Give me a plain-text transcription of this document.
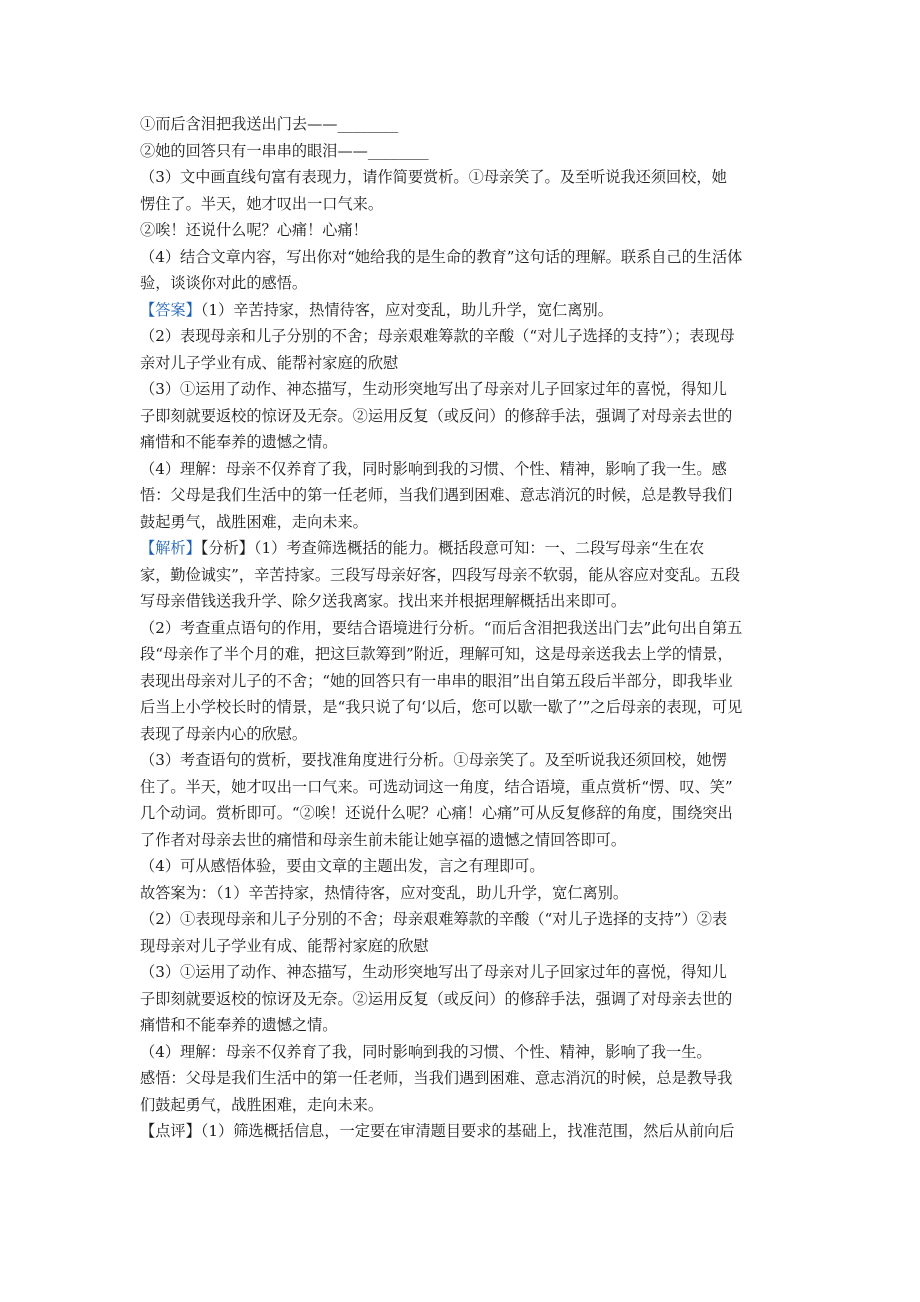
①而后含泪把我送出门去——________
②她的回答只有一串串的眼泪——________
（3）文中画直线句富有表现力，请作简要赏析。①母亲笑了。及至听说我还须回校，她
愣住了。半天，她才叹出一口气来。
②唉！还说什么呢？心痛！心痛！
（4）结合文章内容，写出你对“她给我的是生命的教育”这句话的理解。联系自己的生活体
验，谈谈你对此的感悟。
【答案】（1）辛苦持家，热情待客，应对变乱，助儿升学，宽仁离别。
（2）表现母亲和儿子分别的不舍；母亲艰难筹款的辛酸（“对儿子选择的支持”）；表现母
亲对儿子学业有成、能帮衬家庭的欣慰
（3）①运用了动作、神态描写，生动形突地写出了母亲对儿子回家过年的喜悦，得知儿
子即刻就要返校的惊讶及无奈。②运用反复（或反问）的修辞手法，强调了对母亲去世的
痛惜和不能奉养的遗憾之情。
（4）理解：母亲不仅养育了我，同时影响到我的习惯、个性、精神，影响了我一生。感
悟：父母是我们生活中的第一任老师，当我们遇到困难、意志消沉的时候，总是教导我们
鼓起勇气，战胜困难，走向未来。
【解析】【分析】（1）考查筛选概括的能力。概括段意可知：一、二段写母亲“生在农
家，勤俭诚实”，辛苦持家。三段写母亲好客，四段写母亲不软弱，能从容应对变乱。五段
写母亲借钱送我升学、除夕送我离家。找出来并根据理解概括出来即可。
（2）考查重点语句的作用，要结合语境进行分析。“而后含泪把我送出门去”此句出自第五
段“母亲作了半个月的难，把这巨款筹到”附近，理解可知，这是母亲送我去上学的情景，
表现出母亲对儿子的不舍；“她的回答只有一串串的眼泪”出自第五段后半部分，即我毕业
后当上小学校长时的情景，是“我只说了句‘以后，您可以歇一歇了’”之后母亲的表现，可见
表现了母亲内心的欣慰。
（3）考查语句的赏析，要找准角度进行分析。①母亲笑了。及至听说我还须回校，她愣
住了。半天，她才叹出一口气来。可选动词这一角度，结合语境，重点赏析“愣、叹、笑”
几个动词。赏析即可。“②唉！还说什么呢？心痛！心痛”可从反复修辞的角度，围绕突出
了作者对母亲去世的痛惜和母亲生前未能让她享福的遗憾之情回答即可。
（4）可从感悟体验，要由文章的主题出发，言之有理即可。
故答案为：（1）辛苦持家，热情待客，应对变乱，助儿升学，宽仁离别。
（2）①表现母亲和儿子分别的不舍；母亲艰难筹款的辛酸（“对儿子选择的支持”）②表
现母亲对儿子学业有成、能帮衬家庭的欣慰
（3）①运用了动作、神态描写，生动形突地写出了母亲对儿子回家过年的喜悦，得知儿
子即刻就要返校的惊讶及无奈。②运用反复（或反问）的修辞手法，强调了对母亲去世的
痛惜和不能奉养的遗憾之情。
（4）理解：母亲不仅养育了我，同时影响到我的习惯、个性、精神，影响了我一生。
感悟：父母是我们生活中的第一任老师，当我们遇到困难、意志消沉的时候，总是教导我
们鼓起勇气，战胜困难，走向未来。
【点评】（1）筛选概括信息，一定要在审清题目要求的基础上，找准范围，然后从前向后
